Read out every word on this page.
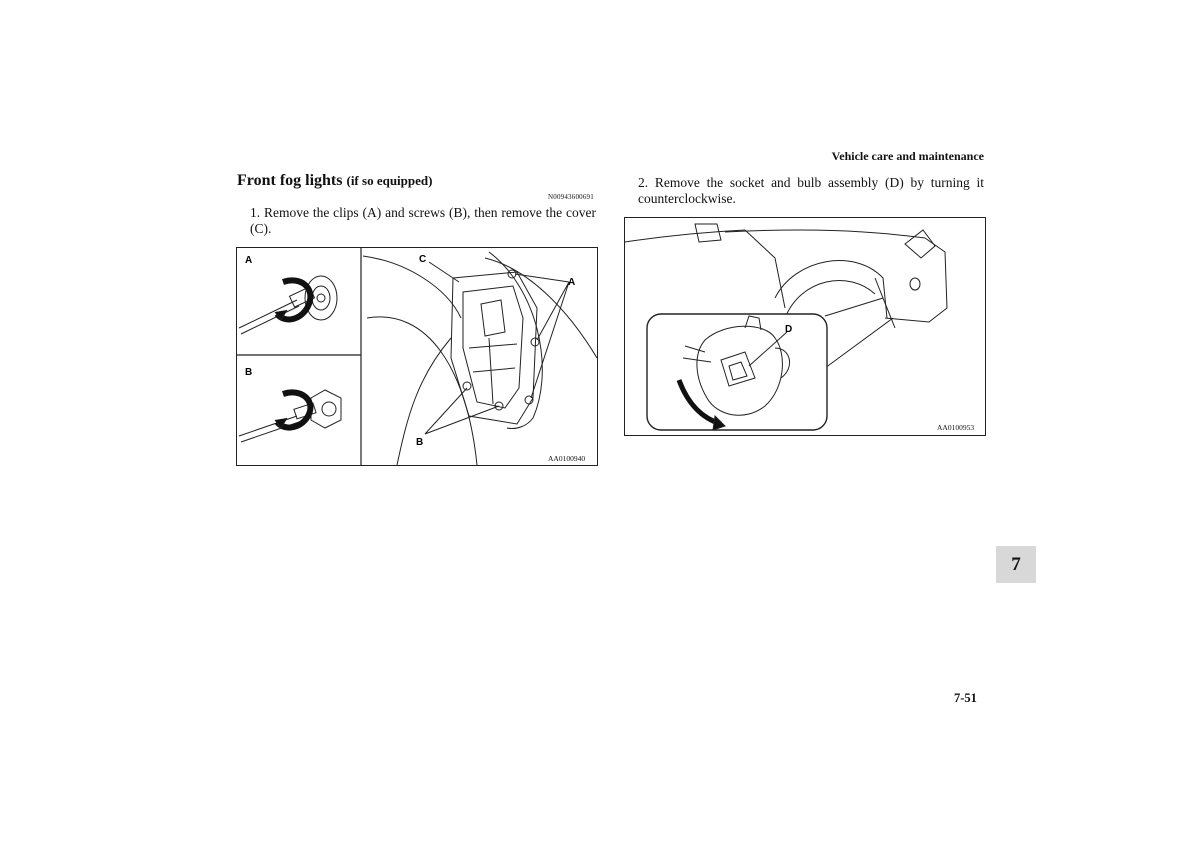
Vehicle care and maintenance
Front fog lights (if so equipped)
N00943600691
1. Remove the clips (A) and screws (B), then remove the cover (C).
A
B
C
A
B
AA0100940
2. Remove the socket and bulb assembly (D) by turning it counterclockwise.
D
AA0100953
7
7-51
